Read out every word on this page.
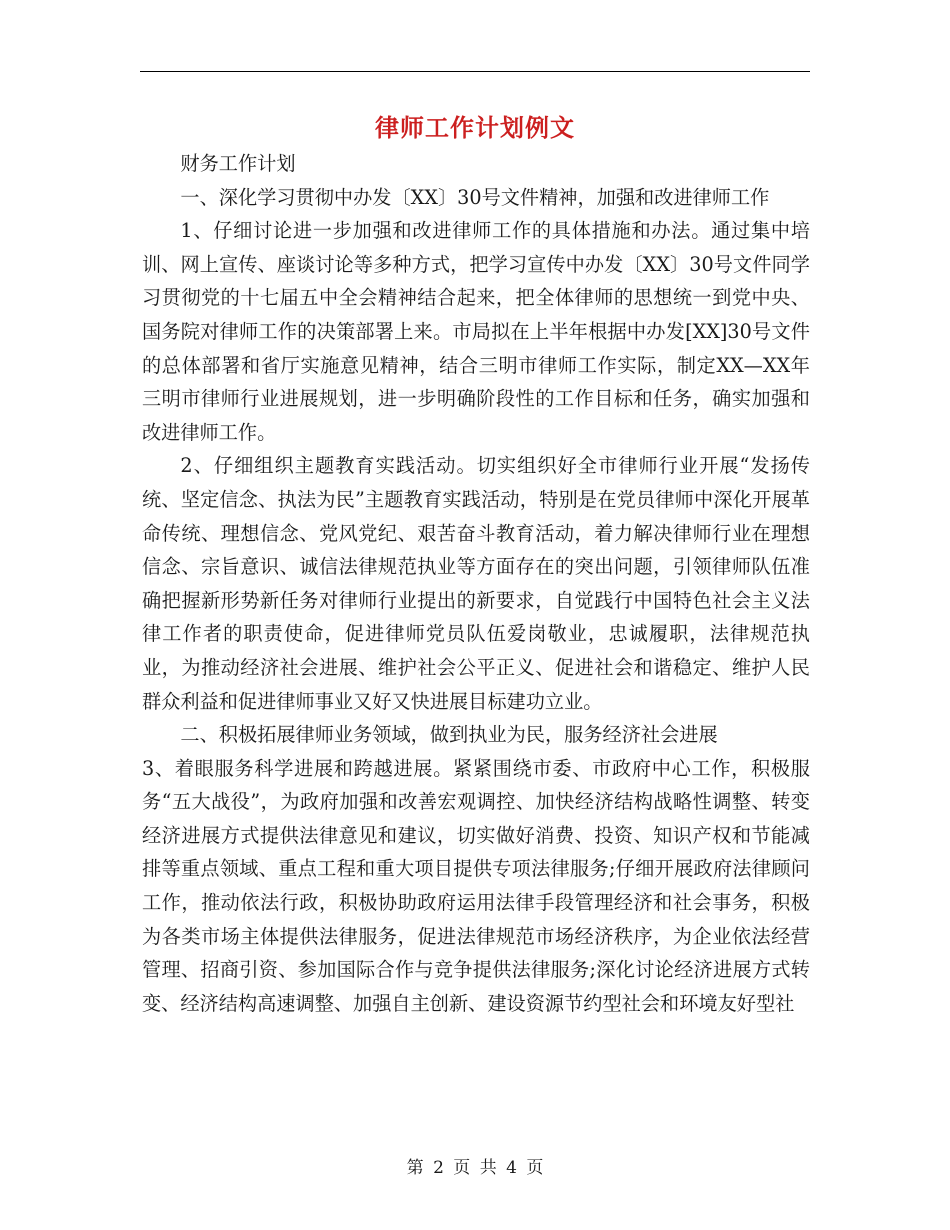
律师工作计划例文

财务工作计划

一、深化学习贯彻中办发〔XX〕30号文件精神，加强和改进律师工作

1、仔细讨论进一步加强和改进律师工作的具体措施和办法。通过集中培训、网上宣传、座谈讨论等多种方式，把学习宣传中办发〔XX〕30号文件同学习贯彻党的十七届五中全会精神结合起来，把全体律师的思想统一到党中央、国务院对律师工作的决策部署上来。市局拟在上半年根据中办发[XX]30号文件的总体部署和省厅实施意见精神，结合三明市律师工作实际，制定XX—XX年三明市律师行业进展规划，进一步明确阶段性的工作目标和任务，确实加强和改进律师工作。

2、仔细组织主题教育实践活动。切实组织好全市律师行业开展“发扬传统、坚定信念、执法为民”主题教育实践活动，特别是在党员律师中深化开展革命传统、理想信念、党风党纪、艰苦奋斗教育活动，着力解决律师行业在理想信念、宗旨意识、诚信法律规范执业等方面存在的突出问题，引领律师队伍准确把握新形势新任务对律师行业提出的新要求，自觉践行中国特色社会主义法律工作者的职责使命，促进律师党员队伍爱岗敬业，忠诚履职，法律规范执业，为推动经济社会进展、维护社会公平正义、促进社会和谐稳定、维护人民群众利益和促进律师事业又好又快进展目标建功立业。

二、积极拓展律师业务领域，做到执业为民，服务经济社会进展

3、着眼服务科学进展和跨越进展。紧紧围绕市委、市政府中心工作，积极服务“五大战役”，为政府加强和改善宏观调控、加快经济结构战略性调整、转变经济进展方式提供法律意见和建议，切实做好消费、投资、知识产权和节能减排等重点领域、重点工程和重大项目提供专项法律服务;仔细开展政府法律顾问工作，推动依法行政，积极协助政府运用法律手段管理经济和社会事务，积极为各类市场主体提供法律服务，促进法律规范市场经济秩序，为企业依法经营管理、招商引资、参加国际合作与竞争提供法律服务;深化讨论经济进展方式转变、经济结构高速调整、加强自主创新、建设资源节约型社会和环境友好型社

第 2 页 共 4 页
